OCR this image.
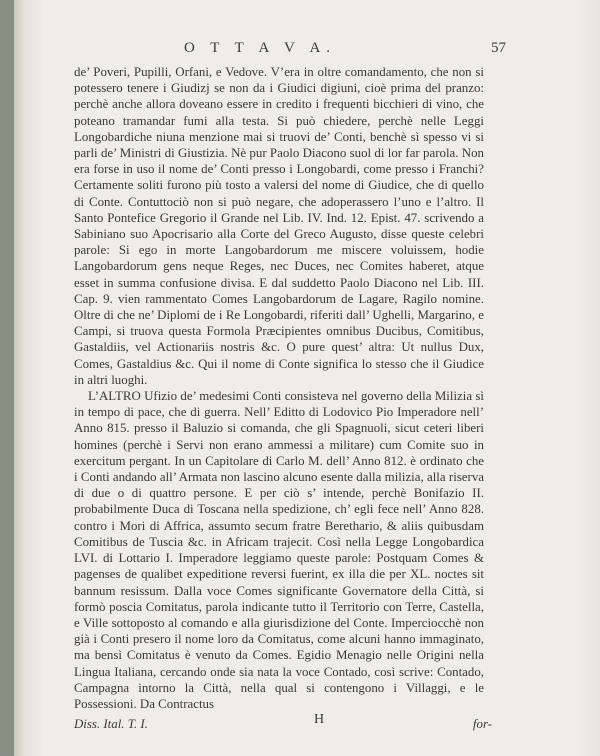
O T T A V A.	57

de’ Poveri, Pupilli, Orfani, e Vedove. V’era in oltre comandamento, che non si potessero tenere i Giudizj se non da i Giudici digiuni, cioè prima del pranzo: perchè anche allora doveano essere in credito i frequenti bicchieri di vino, che poteano tramandar fumi alla testa. Si può chiedere, perchè nelle Leggi Longobardiche niuna menzione mai si truovi de’ Conti, benchè sì spesso vi si parli de’ Ministri di Giustizia. Nè pur Paolo Diacono suol di lor far parola. Non era forse in uso il nome de’ Conti presso i Longobardi, come presso i Franchi? Certamente soliti furono più tosto a valersi del nome di Giudice, che di quello di Conte. Contuttociò non si può negare, che adoperassero l’uno e l’altro. Il Santo Pontefice Gregorio il Grande nel Lib. IV. Ind. 12. Epist. 47. scrivendo a Sabiniano suo Apocrisario alla Corte del Greco Augusto, disse queste celebri parole: Si ego in morte Langobardorum me miscere voluissem, hodie Langobardorum gens neque Reges, nec Duces, nec Comites haberet, atque esset in summa confusione divisa. E dal suddetto Paolo Diacono nel Lib. III. Cap. 9. vien rammentato Comes Langobardorum de Lagare, Ragilo nomine. Oltre di che ne’ Diplomi de i Re Longobardi, riferiti dall’ Ughelli, Margarino, e Campi, si truova questa Formola Præcipientes omnibus Ducibus, Comitibus, Gastaldiis, vel Actionariis nostris &c. O pure quest’ altra: Ut nullus Dux, Comes, Gastaldius &c. Qui il nome di Conte significa lo stesso che il Giudice in altri luoghi.

L’ALTRO Ufizio de’ medesimi Conti consisteva nel governo della Milizia sì in tempo di pace, che di guerra. Nell’ Editto di Lodovico Pio Imperadore nell’ Anno 815. presso il Baluzio si comanda, che gli Spagnuoli, sicut ceteri liberi homines (perchè i Servi non erano ammessi a militare) cum Comite suo in exercitum pergant. In un Capitolare di Carlo M. dell’ Anno 812. è ordinato che i Conti andando all’ Armata non lascino alcuno esente dalla milizia, alla riserva di due o di quattro persone. E per ciò s’ intende, perchè Bonifazio II. probabilmente Duca di Toscana nella spedizione, ch’ egli fece nell’ Anno 828. contro i Mori di Affrica, assumto secum fratre Berethario, & aliis quibusdam Comitibus de Tuscia &c. in Africam trajecit. Così nella Legge Longobardica LVI. di Lottario I. Imperadore leggiamo queste parole: Postquam Comes & pagenses de qualibet expeditione reversi fuerint, ex illa die per XL. noctes sit bannum resissum. Dalla voce Comes significante Governatore della Città, si formò poscia Comitatus, parola indicante tutto il Territorio con Terre, Castella, e Ville sottoposto al comando e alla giurisdizione del Conte. Imperciocchè non già i Conti presero il nome loro da Comitatus, come alcuni hanno immaginato, ma bensì Comitatus è venuto da Comes. Egidio Menagio nelle Origini nella Lingua Italiana, cercando onde sia nata la voce Contado, così scrive: Contado, Campagna intorno la Città, nella qual si contengono i Villaggi, e le Possessioni. Da Contractus

Diss. Ital. T. I.	H	for-
